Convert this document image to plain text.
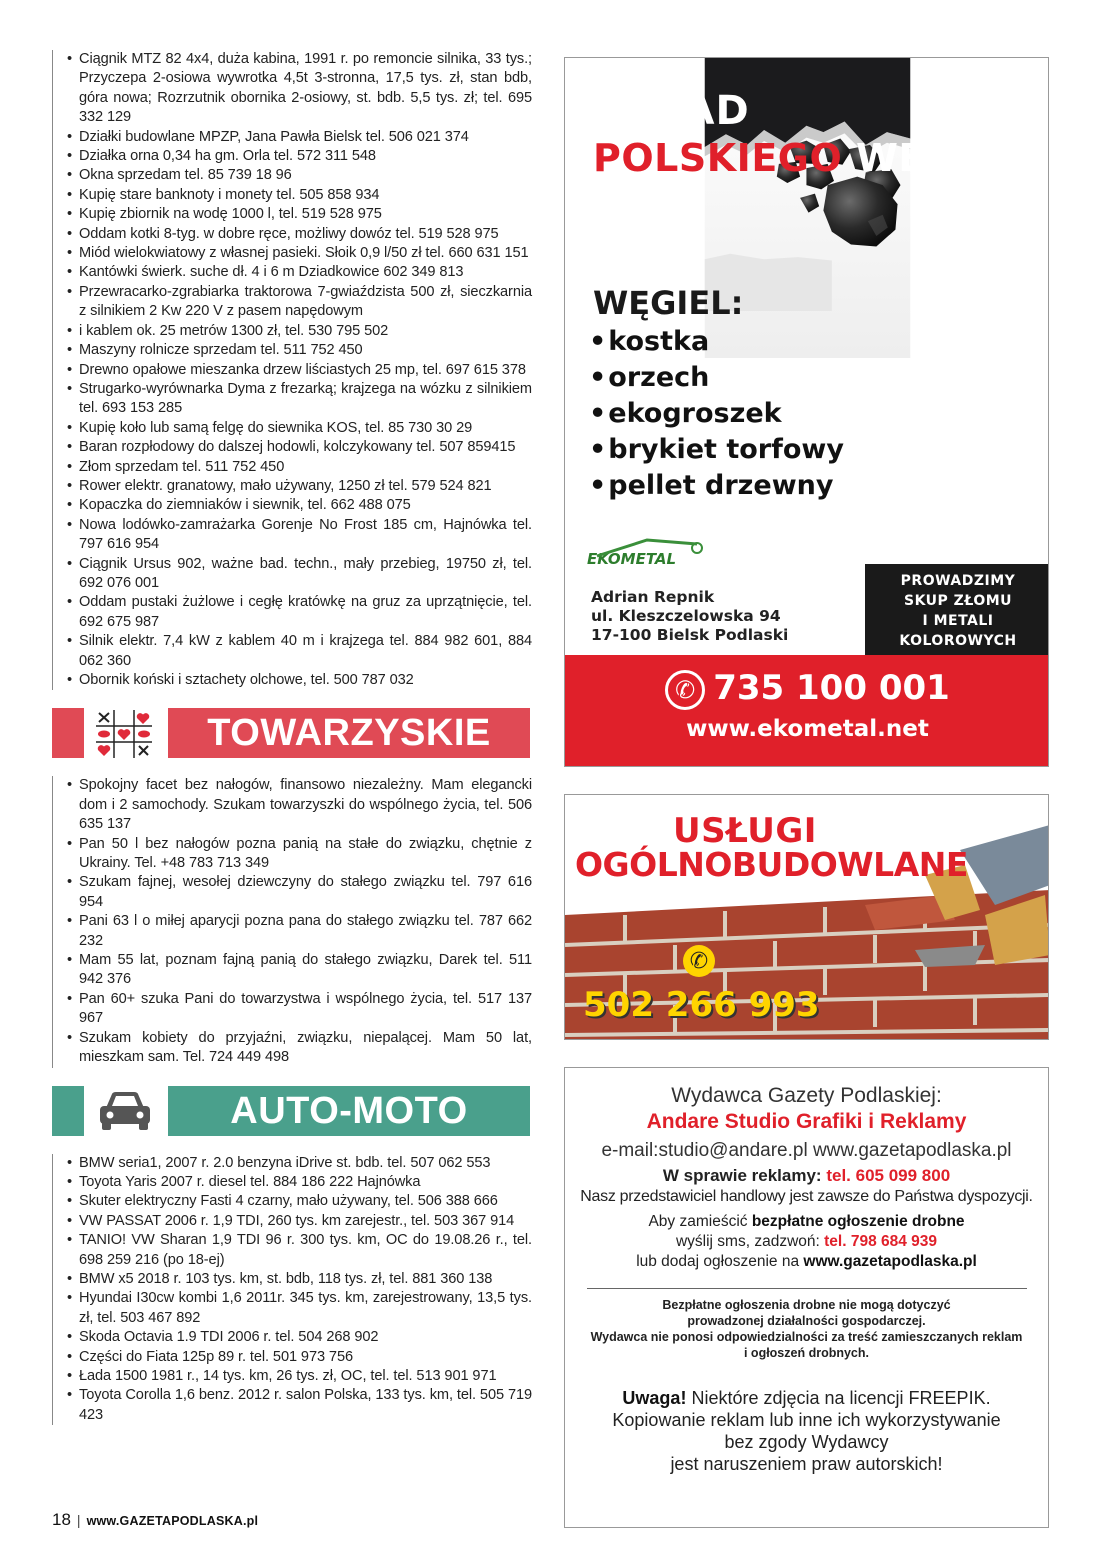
• Ciągnik MTZ 82 4x4, duża kabina, 1991 r. po remoncie silnika, 33 tys.; Przyczepa 2-osiowa wywrotka 4,5t 3-stronna, 17,5 tys. zł, stan bdb, góra nowa; Rozrzutnik obornika 2-osiowy, st. bdb. 5,5 tys. zł; tel. 695 332 129
• Działki budowlane MPZP, Jana Pawła Bielsk tel. 506 021 374
• Działka orna 0,34 ha gm. Orla tel. 572 311 548
• Okna sprzedam tel. 85 739 18 96
• Kupię stare banknoty i monety tel. 505 858 934
• Kupię zbiornik na wodę 1000 l, tel. 519 528 975
• Oddam kotki 8-tyg. w dobre ręce, możliwy dowóz tel. 519 528 975
• Miód wielokwiatowy z własnej pasieki. Słoik 0,9 l/50 zł tel. 660 631 151
• Kantówki świerk. suche dł. 4 i 6 m Dziadkowice 602 349 813
• Przewracarko-zgrabiarka traktorowa 7-gwiaździsta 500 zł, sieczkarnia z silnikiem 2 Kw 220 V z pasem napędowym
• i kablem ok. 25 metrów 1300 zł, tel. 530 795 502
• Maszyny rolnicze sprzedam tel. 511 752 450
• Drewno opałowe mieszanka drzew liściastych 25 mp, tel. 697 615 378
• Strugarko-wyrównarka Dyma z frezarką; krajzega na wózku z silnikiem tel. 693 153 285
• Kupię koło lub samą felgę do siewnika KOS, tel. 85 730 30 29
• Baran rozpłodowy do dalszej hodowli, kolczykowany tel. 507 859415
• Złom sprzedam tel. 511 752 450
• Rower elektr. granatowy, mało używany, 1250 zł tel. 579 524 821
• Kopaczka do ziemniaków i siewnik, tel. 662 488 075
• Nowa lodówko-zamrażarka Gorenje No Frost 185 cm, Hajnówka tel. 797 616 954
• Ciągnik Ursus 902, ważne bad. techn., mały przebieg, 19750 zł, tel. 692 076 001
• Oddam pustaki żużlowe i cegłę kratówkę na gruz za uprzątnięcie, tel. 692 675 987
• Silnik elektr. 7,4 kW z kablem 40 m i krajzega tel. 884 982 601, 884 062 360
• Obornik koński i sztachety olchowe, tel. 500 787 032
TOWARZYSKIE
• Spokojny facet bez nałogów, finansowo niezależny. Mam elegancki dom i 2 samochody. Szukam towarzyszki do wspólnego życia, tel. 506 635 137
• Pan 50 l bez nałogów pozna panią na stałe do związku, chętnie z Ukrainy. Tel. +48 783 713 349
• Szukam fajnej, wesołej dziewczyny do stałego związku tel. 797 616 954
• Pani 63 l o miłej aparycji pozna pana do stałego związku tel. 787 662 232
• Mam 55 lat, poznam fajną panią do stałego związku, Darek tel. 511 942 376
• Pan 60+ szuka Pani do towarzystwa i wspólnego życia, tel. 517 137 967
• Szukam kobiety do przyjaźni, związku, niepalącej. Mam 50 lat, mieszkam sam. Tel. 724 449 498
AUTO-MOTO
• BMW seria1, 2007 r. 2.0 benzyna iDrive st. bdb. tel. 507 062 553
• Toyota Yaris 2007 r. diesel tel. 884 186 222 Hajnówka
• Skuter elektryczny Fasti 4 czarny, mało używany, tel. 506 388 666
• VW PASSAT 2006 r. 1,9 TDI, 260 tys. km zarejestr., tel. 503 367 914
• TANIO! VW Sharan 1,9 TDI 96 r. 300 tys. km, OC do 19.08.26 r., tel. 698 259 216 (po 18-ej)
• BMW x5 2018 r. 103 tys. km, st. bdb, 118 tys. zł, tel. 881 360 138
• Hyundai I30cw kombi 1,6 2011r. 345 tys. km, zarejestrowany, 13,5 tys. zł, tel. 503 467 892
• Skoda Octavia 1.9 TDI 2006 r. tel. 504 268 902
• Części do Fiata 125p 89 r. tel. 501 973 756
• Łada 1500 1981 r., 14 tys. km, 26 tys. zł, OC, tel. tel. 513 901 971
• Toyota Corolla 1,6 benz. 2012 r. salon Polska, 133 tys. km, tel. 505 719 423
SKŁAD
POLSKIEGO WĘGLA
WĘGIEL:
• kostka
• orzech
• ekogroszek
• brykiet torfowy
• pellet drzewny
EKOMETAL
Adrian Repnik
ul. Kleszczelowska 94
17-100 Bielsk Podlaski
PROWADZIMY
SKUP ZŁOMU
I METALI
KOLOROWYCH
✆ 735 100 001
www.ekometal.net
USŁUGI
OGÓLNOBUDOWLANE
✆
502 266 993
Wydawca Gazety Podlaskiej:
Andare Studio Grafiki i Reklamy
e-mail:studio@andare.pl www.gazetapodlaska.pl
W sprawie reklamy: tel. 605 099 800
Nasz przedstawiciel handlowy jest zawsze do Państwa dyspozycji.
Aby zamieścić bezpłatne ogłoszenie drobne
wyślij sms, zadzwoń: tel. 798 684 939
lub dodaj ogłoszenie na www.gazetapodlaska.pl
Bezpłatne ogłoszenia drobne nie mogą dotyczyć
prowadzonej działalności gospodarczej.
Wydawca nie ponosi odpowiedzialności za treść zamieszczanych reklam
i ogłoszeń drobnych.
Uwaga! Niektóre zdjęcia na licencji FREEPIK.
Kopiowanie reklam lub inne ich wykorzystywanie
bez zgody Wydawcy
jest naruszeniem praw autorskich!
18 | www.GAZETAPODLASKA.pl
